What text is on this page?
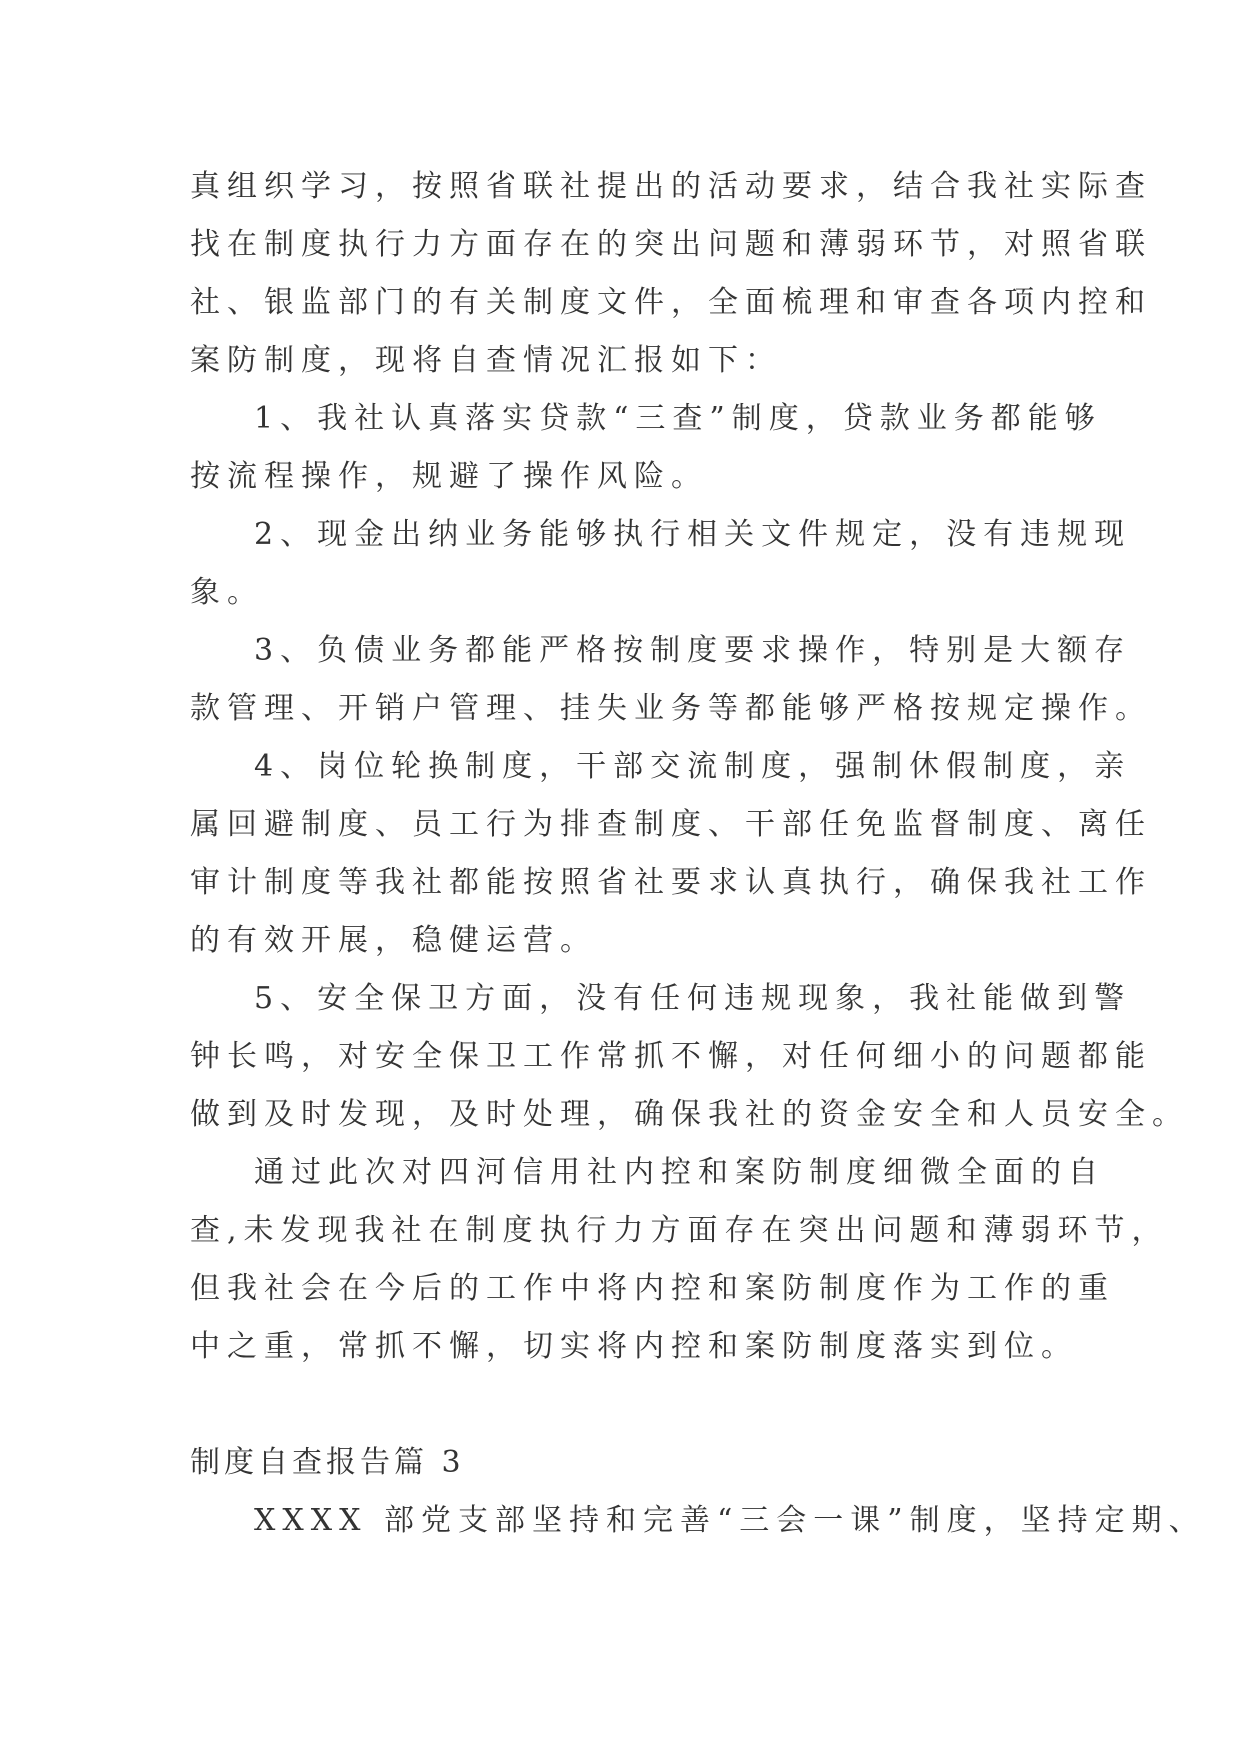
真组织学习，按照省联社提出的活动要求，结合我社实际查
找在制度执行力方面存在的突出问题和薄弱环节，对照省联
社、银监部门的有关制度文件，全面梳理和审查各项内控和
案防制度，现将自查情况汇报如下：
1、我社认真落实贷款“三查”制度，贷款业务都能够
按流程操作，规避了操作风险。
2、现金出纳业务能够执行相关文件规定，没有违规现
象。
3、负债业务都能严格按制度要求操作，特别是大额存
款管理、开销户管理、挂失业务等都能够严格按规定操作。
4、岗位轮换制度，干部交流制度，强制休假制度，亲
属回避制度、员工行为排查制度、干部任免监督制度、离任
审计制度等我社都能按照省社要求认真执行，确保我社工作
的有效开展，稳健运营。
5、安全保卫方面，没有任何违规现象，我社能做到警
钟长鸣，对安全保卫工作常抓不懈，对任何细小的问题都能
做到及时发现，及时处理，确保我社的资金安全和人员安全。
通过此次对四河信用社内控和案防制度细微全面的自
查,未发现我社在制度执行力方面存在突出问题和薄弱环节，
但我社会在今后的工作中将内控和案防制度作为工作的重
中之重，常抓不懈，切实将内控和案防制度落实到位。
制度自查报告篇 3
XXXX 部党支部坚持和完善“三会一课”制度，坚持定期、
